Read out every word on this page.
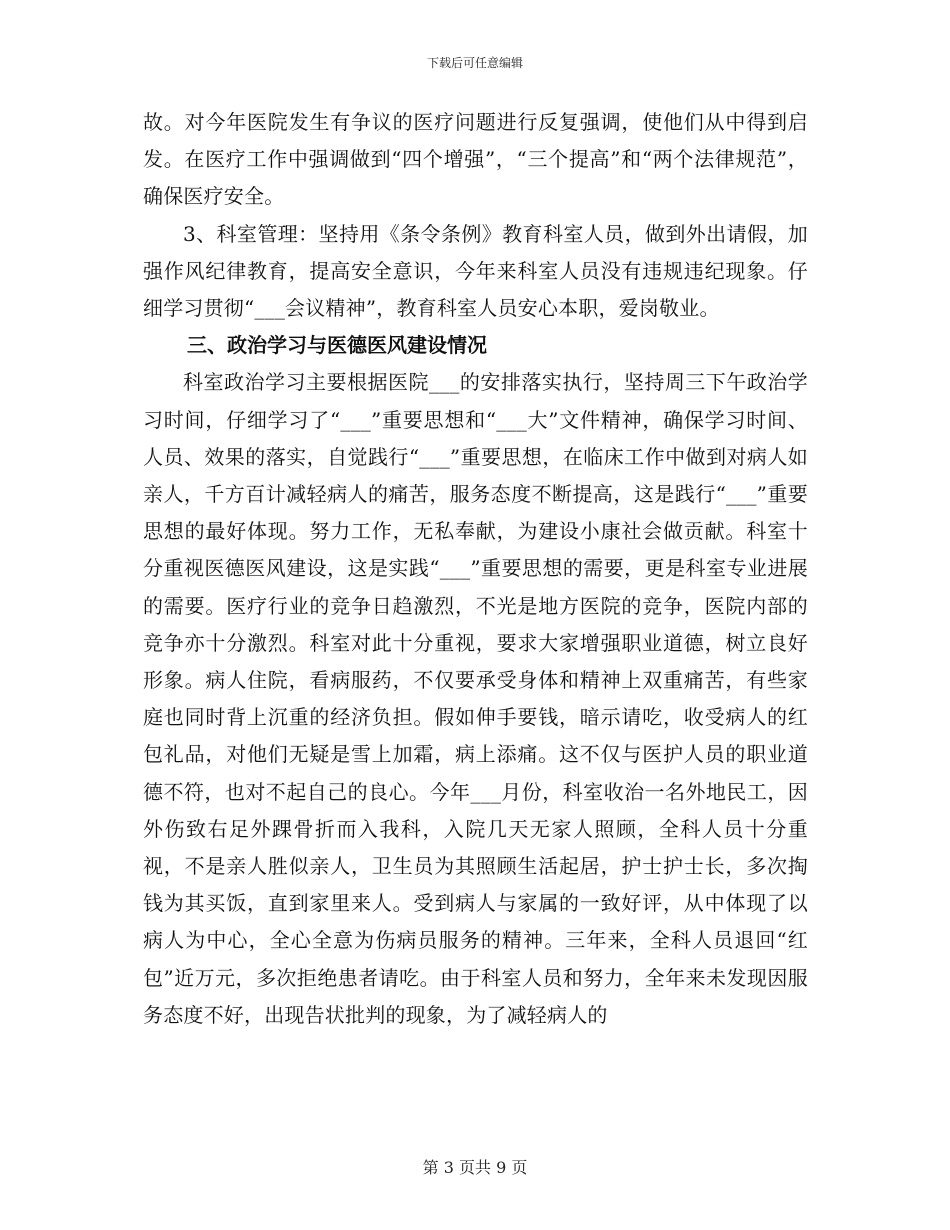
下载后可任意编辑

故。对今年医院发生有争议的医疗问题进行反复强调，使他们从中得到启发。在医疗工作中强调做到“四个增强”，“三个提高”和“两个法律规范”，确保医疗安全。

3、科室管理：坚持用《条令条例》教育科室人员，做到外出请假，加强作风纪律教育，提高安全意识，今年来科室人员没有违规违纪现象。仔细学习贯彻“___会议精神”，教育科室人员安心本职，爱岗敬业。

三、政治学习与医德医风建设情况

科室政治学习主要根据医院___的安排落实执行，坚持周三下午政治学习时间，仔细学习了“___”重要思想和“___大”文件精神，确保学习时间、人员、效果的落实，自觉践行“___”重要思想，在临床工作中做到对病人如亲人，千方百计减轻病人的痛苦，服务态度不断提高，这是践行“___”重要思想的最好体现。努力工作，无私奉献，为建设小康社会做贡献。科室十分重视医德医风建设，这是实践“___”重要思想的需要，更是科室专业进展的需要。医疗行业的竞争日趋激烈，不光是地方医院的竞争，医院内部的竞争亦十分激烈。科室对此十分重视，要求大家增强职业道德，树立良好形象。病人住院，看病服药，不仅要承受身体和精神上双重痛苦，有些家庭也同时背上沉重的经济负担。假如伸手要钱，暗示请吃，收受病人的红包礼品，对他们无疑是雪上加霜，病上添痛。这不仅与医护人员的职业道德不符，也对不起自己的良心。今年___月份，科室收治一名外地民工，因外伤致右足外踝骨折而入我科，入院几天无家人照顾，全科人员十分重视，不是亲人胜似亲人，卫生员为其照顾生活起居，护士护士长，多次掏钱为其买饭，直到家里来人。受到病人与家属的一致好评，从中体现了以病人为中心，全心全意为伤病员服务的精神。三年来，全科人员退回“红包”近万元，多次拒绝患者请吃。由于科室人员和努力，全年来未发现因服务态度不好，出现告状批判的现象，为了减轻病人的

第 3 页共 9 页
